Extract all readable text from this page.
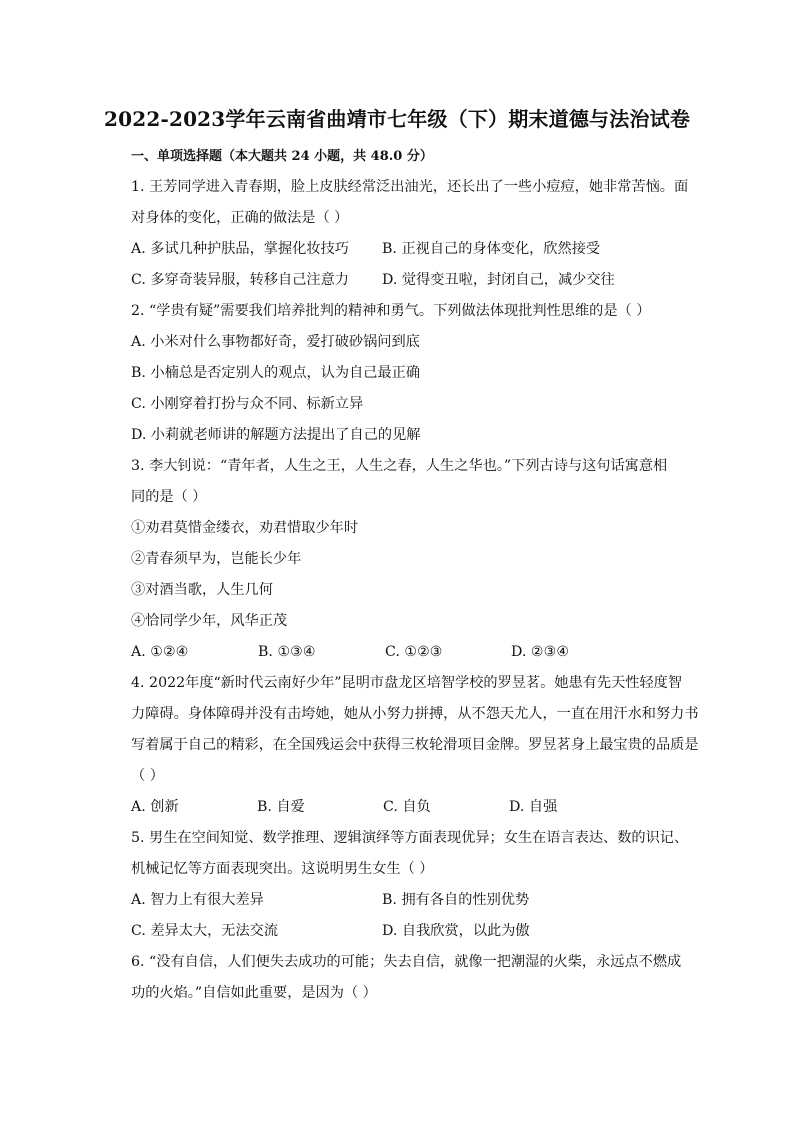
2022-2023学年云南省曲靖市七年级（下）期末道德与法治试卷
一、单项选择题（本大题共 24 小题，共 48.0 分）
1. 王芳同学进入青春期，脸上皮肤经常泛出油光，还长出了一些小痘痘，她非常苦恼。面
对身体的变化，正确的做法是（ ）
A. 多试几种护肤品，掌握化妆技巧	B. 正视自己的身体变化，欣然接受
C. 多穿奇装异服，转移自己注意力	D. 觉得变丑啦，封闭自己，减少交往
2. “学贵有疑”需要我们培养批判的精神和勇气。下列做法体现批判性思维的是（ ）
A. 小米对什么事物都好奇，爱打破砂锅问到底
B. 小楠总是否定别人的观点，认为自己最正确
C. 小刚穿着打扮与众不同、标新立异
D. 小莉就老师讲的解题方法提出了自己的见解
3. 李大钊说：“青年者，人生之王，人生之春，人生之华也。”下列古诗与这句话寓意相
同的是（ ）
①劝君莫惜金缕衣，劝君惜取少年时
②青春须早为，岂能长少年
③对酒当歌，人生几何
④恰同学少年，风华正茂
A. ①②④	B. ①③④	C. ①②③	D. ②③④
4. 2022年度“新时代云南好少年”昆明市盘龙区培智学校的罗昱茗。她患有先天性轻度智
力障碍。身体障碍并没有击垮她，她从小努力拼搏，从不怨天尤人，一直在用汗水和努力书
写着属于自己的精彩，在全国残运会中获得三枚轮滑项目金牌。罗昱茗身上最宝贵的品质是
（ ）
A. 创新	B. 自爱	C. 自负	D. 自强
5. 男生在空间知觉、数学推理、逻辑演绎等方面表现优异；女生在语言表达、数的识记、
机械记忆等方面表现突出。这说明男生女生（ ）
A. 智力上有很大差异	B. 拥有各自的性别优势
C. 差异太大，无法交流	D. 自我欣赏，以此为傲
6. “没有自信，人们便失去成功的可能；失去自信，就像一把潮湿的火柴，永远点不燃成
功的火焰。”自信如此重要，是因为（ ）
